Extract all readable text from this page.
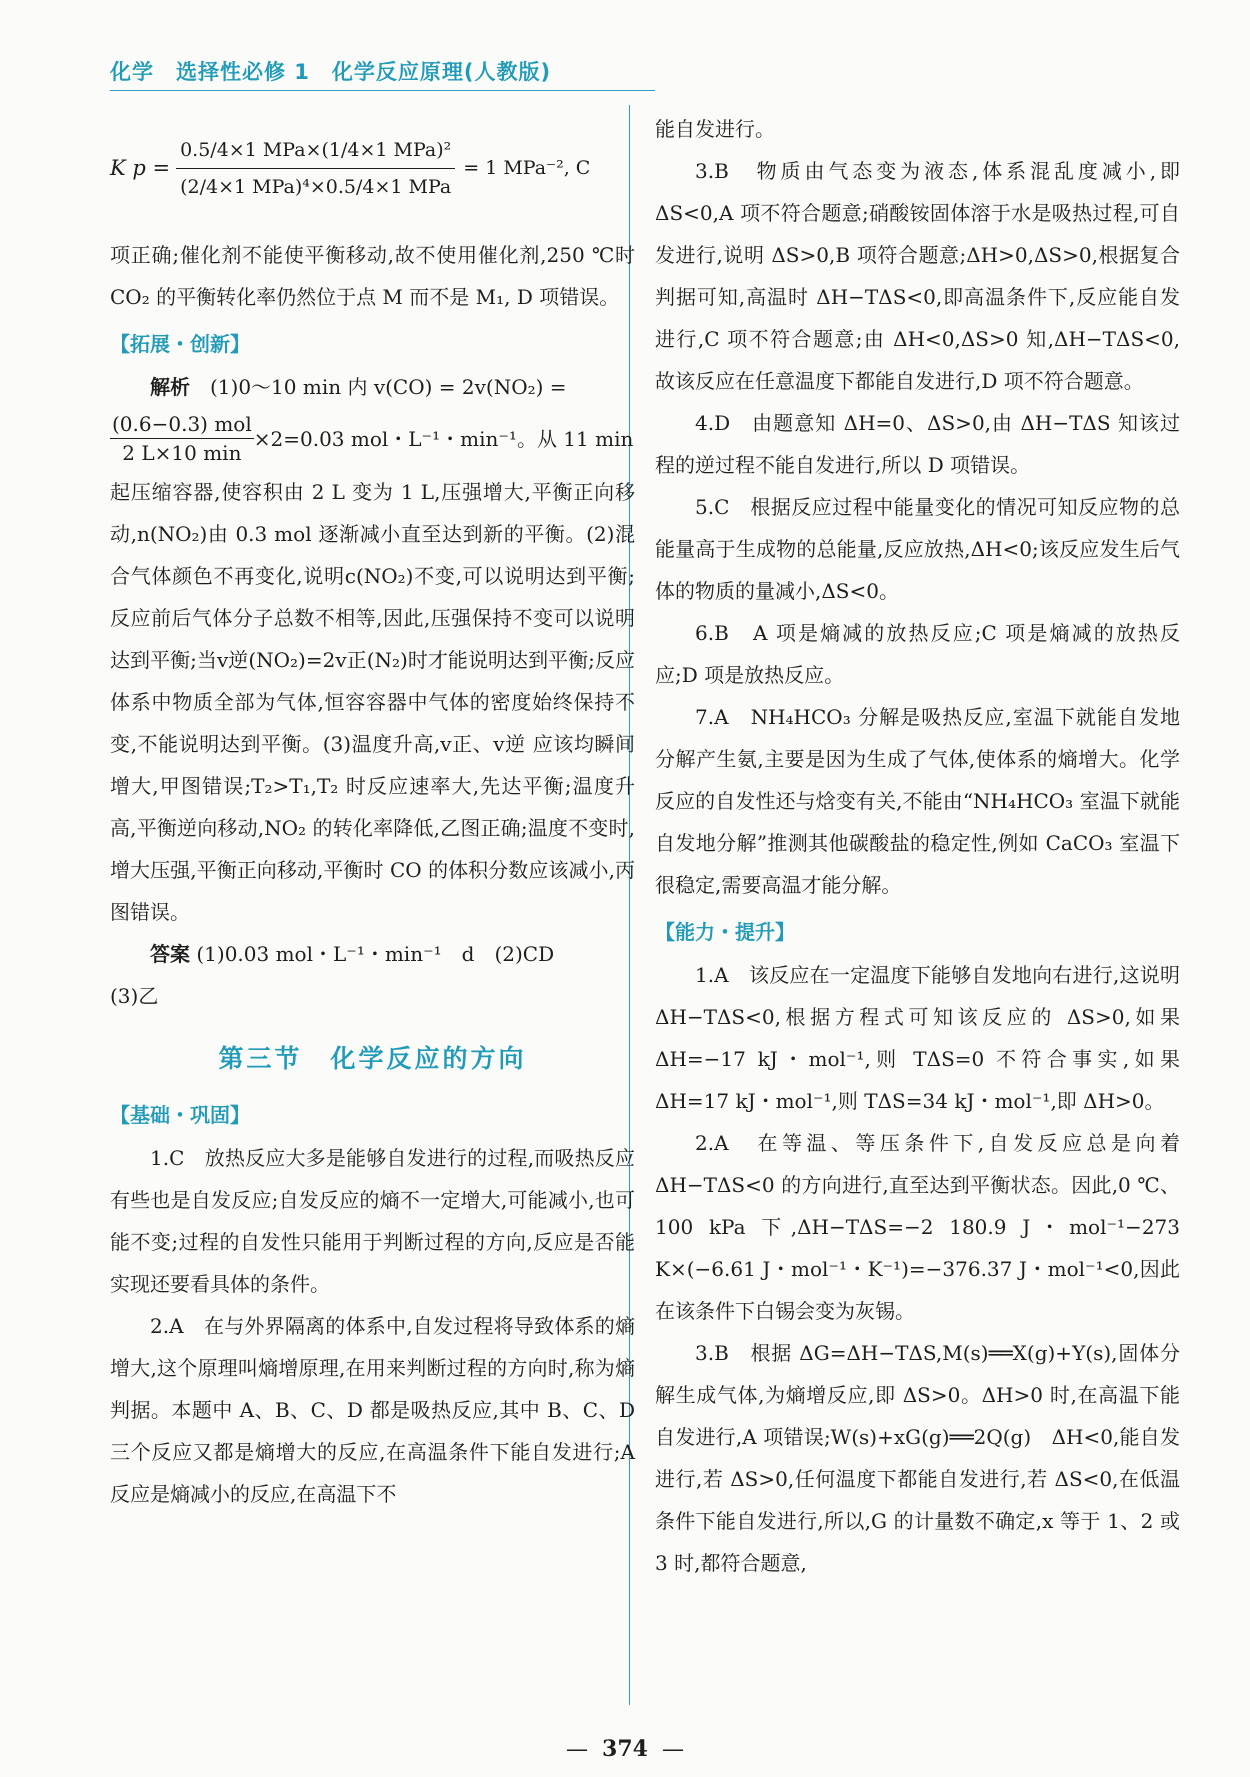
化学　选择性必修 1　化学反应原理(人教版)
K $p = \frac{\text{0.5/4×1 MPa×(1/4×1 MPa)²}}{\text{(2/4×1 MPa)⁴×0.5/4×1 MPa}} = 1$ MPa⁻², C

项正确;催化剂不能使平衡移动,故不使用催化剂,250 ℃时 CO₂ 的平衡转化率仍然位于点 M 而不是 M₁, D 项错误。

【拓展・创新】

解析　 (1)0～10 min 内 v(CO) = 2v(NO₂) =

$\frac{\text{(0.6−0.3) mol}}{2 L\times 10 \min} \times 2=0.03$ mol・L⁻¹・min⁻¹。从 11 min

起压缩容器,使容积由 2 L 变为 1 L,压强增大,平衡正向移动,n(NO₂)由 0.3 mol 逐渐减小直至达到新的平衡。(2)混合气体颜色不再变化,说明c(NO₂)不变,可以说明达到平衡;反应前后气体分子总数不相等,因此,压强保持不变可以说明达到平衡;当v逆(NO₂)=2v正(N₂)时才能说明达到平衡;反应体系中物质全部为气体,恒容容器中气体的密度始终保持不变,不能说明达到平衡。(3)温度升高,v正、v逆 应该均瞬间增大,甲图错误;T₂>T₁,T₂ 时反应速率大,先达平衡;温度升高,平衡逆向移动,NO₂ 的转化率降低,乙图正确;温度不变时,增大压强,平衡正向移动,平衡时 CO 的体积分数应该减小,丙图错误。

答案 (1)0.03 mol・L⁻¹・min⁻¹　d　(2)CD

(3)乙

第三节　化学反应的方向
【基础・巩固】

1.C　放热反应大多是能够自发进行的过程,而吸热反应有些也是自发反应;自发反应的熵不一定增大,可能减小,也可能不变;过程的自发性只能用于判断过程的方向,反应是否能实现还要看具体的条件。

2.A　在与外界隔离的体系中,自发过程将导致体系的熵增大,这个原理叫熵增原理,在用来判断过程的方向时,称为熵判据。本题中 A、B、C、D 都是吸热反应,其中 B、C、D 三个反应又都是熵增大的反应,在高温条件下能自发进行;A 反应是熵减小的反应,在高温下不

能自发进行。

3.B　物质由气态变为液态,体系混乱度减小,即 ΔS<0,A 项不符合题意;硝酸铵固体溶于水是吸热过程,可自发进行,说明 ΔS>0,B 项符合题意;ΔH>0,ΔS>0,根据复合判据可知,高温时 ΔH−TΔS<0,即高温条件下,反应能自发进行,C 项不符合题意;由 ΔH<0,ΔS>0 知,ΔH−TΔS<0,故该反应在任意温度下都能自发进行,D 项不符合题意。

4.D　由题意知 ΔH=0、ΔS>0,由 ΔH−TΔS 知该过程的逆过程不能自发进行,所以 D 项错误。

5.C　根据反应过程中能量变化的情况可知反应物的总能量高于生成物的总能量,反应放热,ΔH<0;该反应发生后气体的物质的量减小,ΔS<0。

6.B　A 项是熵减的放热反应;C 项是熵减的放热反应;D 项是放热反应。

7.A　NH₄HCO₃ 分解是吸热反应,室温下就能自发地分解产生氨,主要是因为生成了气体,使体系的熵增大。化学反应的自发性还与焓变有关,不能由“NH₄HCO₃ 室温下就能自发地分解”推测其他碳酸盐的稳定性,例如 CaCO₃ 室温下很稳定,需要高温才能分解。

【能力・提升】

1.A　该反应在一定温度下能够自发地向右进行,这说明 ΔH−TΔS<0,根据方程式可知该反应的 ΔS>0,如果 ΔH=−17 kJ・mol⁻¹,则 TΔS=0 不符合事实,如果 ΔH=17 kJ・mol⁻¹,则 TΔS=34 kJ・mol⁻¹,即 ΔH>0。

2.A　在等温、等压条件下,自发反应总是向着 ΔH−TΔS<0 的方向进行,直至达到平衡状态。因此,0 ℃、100 kPa 下,ΔH−TΔS=−2 180.9 J・mol⁻¹−273 K×(−6.61 J・mol⁻¹・K⁻¹)=−376.37 J・mol⁻¹<0,因此在该条件下白锡会变为灰锡。

3.B　根据 ΔG=ΔH−TΔS,M(s)══X(g)+Y(s),固体分解生成气体,为熵增反应,即 ΔS>0。ΔH>0 时,在高温下能自发进行,A 项错误;W(s)+xG(g)══2Q(g)　ΔH<0,能自发进行,若 ΔS>0,任何温度下都能自发进行,若 ΔS<0,在低温条件下能自发进行,所以,G 的计量数不确定,x 等于 1、2 或 3 时,都符合题意,

— 374 —
